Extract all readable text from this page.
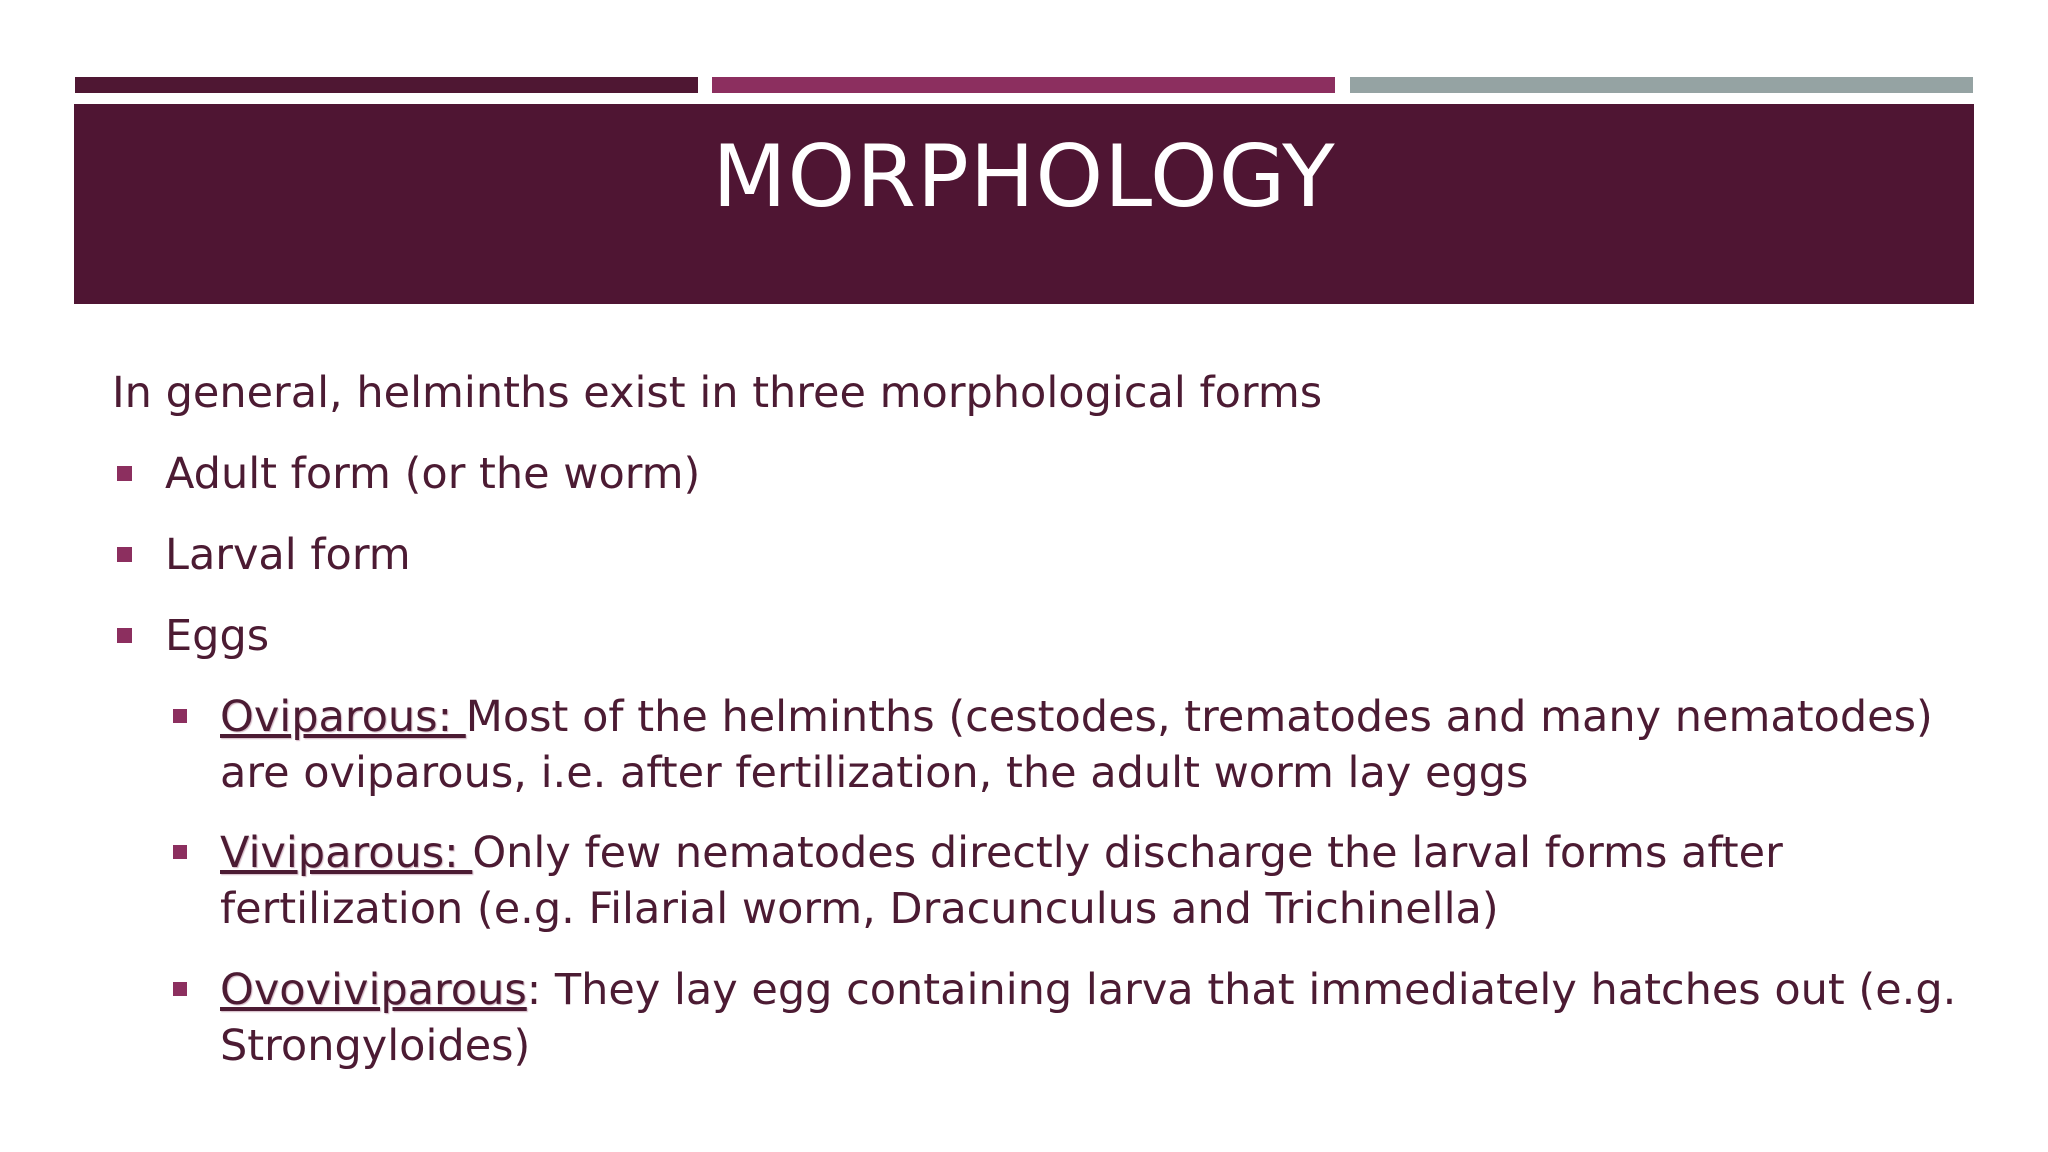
MORPHOLOGY
In general, helminths exist in three morphological forms
Adult form (or the worm)
Larval form
Eggs
Oviparous: Most of the helminths (cestodes, trematodes and many nematodes) are oviparous, i.e. after fertilization, the adult worm lay eggs
Viviparous: Only few nematodes directly discharge the larval forms after fertilization (e.g. Filarial worm, Dracunculus and Trichinella)
Ovoviviparous: They lay egg containing larva that immediately hatches out (e.g. Strongyloides)
